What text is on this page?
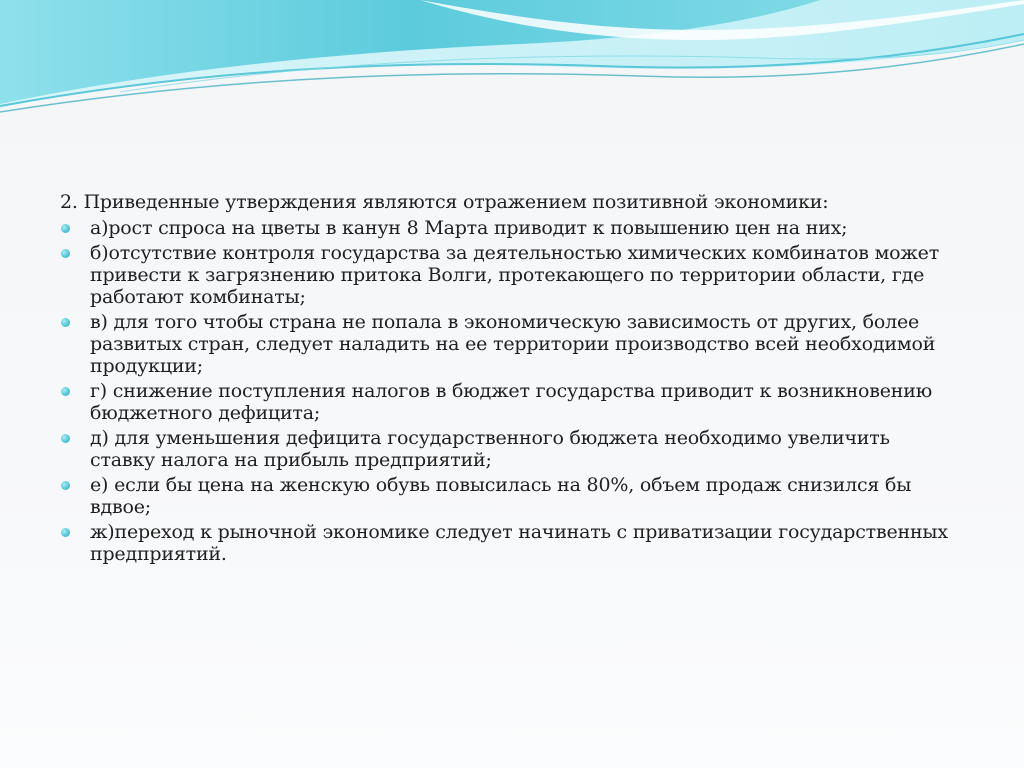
2. Приведенные утверждения являются отражением позитивной экономики:

а)рост спроса на цветы в канун 8 Марта приводит к повышению цен на них;
б)отсутствие контроля государства за деятельностью химических комбинатов может привести к загрязнению притока Волги, протекающего по территории области, где работают комбинаты;
в) для того чтобы страна не попала в экономическую зависимость от других, более развитых стран, следует наладить на ее территории производство всей необходимой продукции;
г) снижение поступления налогов в бюджет государства приводит к возникновению бюджетного дефицита;
д) для уменьшения дефицита государственного бюджета необходимо увеличить ставку налога на прибыль предприятий;
е) если бы цена на женскую обувь повысилась на 80%, объем продаж снизился бы вдвое;
ж)переход к рыночной экономике следует начинать с приватизации государственных предприятий.
